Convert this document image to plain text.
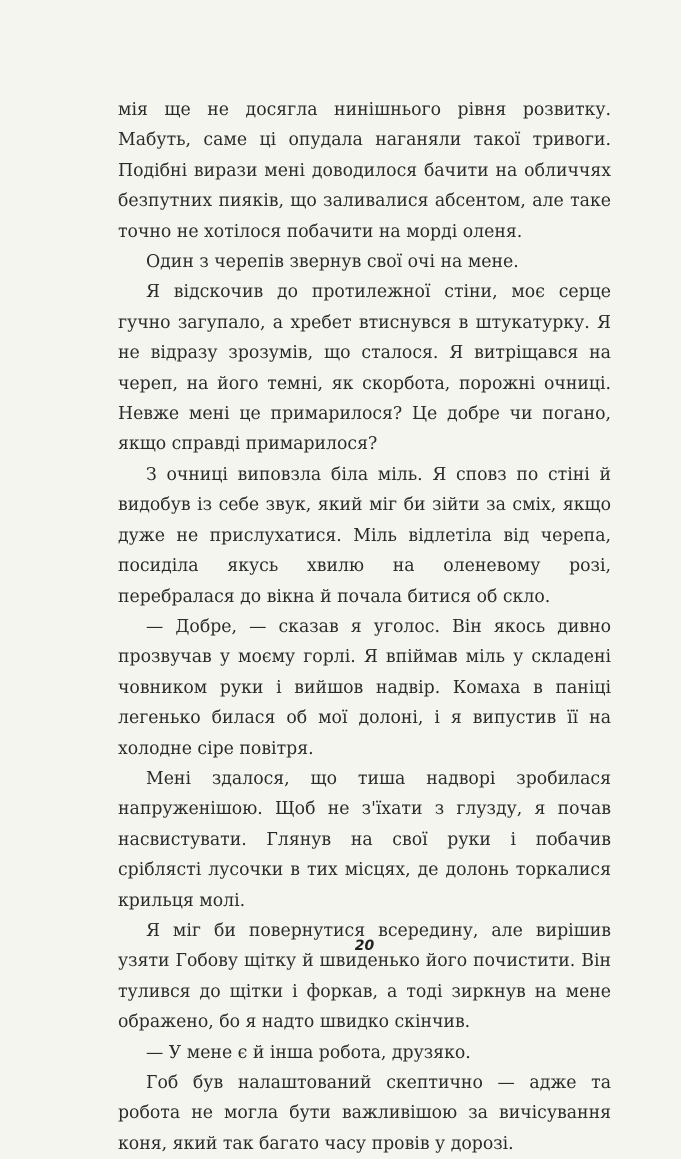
мія ще не досягла нинішнього рівня розвитку. Мабуть, саме ці опудала наганяли такої тривоги. Подібні вирази мені доводилося бачити на обличчях безпутних пияків, що заливалися абсентом, але таке точно не хотілося побачити на морді оленя.

Один з черепів звернув свої очі на мене.

Я відскочив до протилежної стіни, моє серце гучно загупало, а хребет втиснувся в штукатурку. Я не відразу зрозумів, що сталося. Я витріщався на череп, на його темні, як скорбота, порожні очниці. Невже мені це примарилося? Це добре чи погано, якщо справді примарилося?

З очниці виповзла біла міль. Я сповз по стіні й видобув із себе звук, який міг би зійти за сміх, якщо дуже не прислухатися. Міль відлетіла від черепа, посиділа якусь хвилю на оленевому розі, перебралася до вікна й почала битися об скло.

— Добре, — сказав я уголос. Він якось дивно прозвучав у моєму горлі. Я впіймав міль у складені човником руки і вийшов надвір. Комаха в паніці легенько билася об мої долоні, і я випустив її на холодне сіре повітря.

Мені здалося, що тиша надворі зробилася напруженішою. Щоб не з'їхати з глузду, я почав насвистувати. Глянув на свої руки і побачив сріблясті лусочки в тих місцях, де долонь торкалися крильця молі.

Я міг би повернутися всередину, але вирішив узяти Гобову щітку й швиденько його почистити. Він тулився до щітки і форкав, а тоді зиркнув на мене ображено, бо я надто швидко скінчив.

— У мене є й інша робота, друзяко.

Гоб був налаштований скептично — адже та робота не могла бути важливішою за вичісування коня, який так багато часу провів у дорозі.

20
